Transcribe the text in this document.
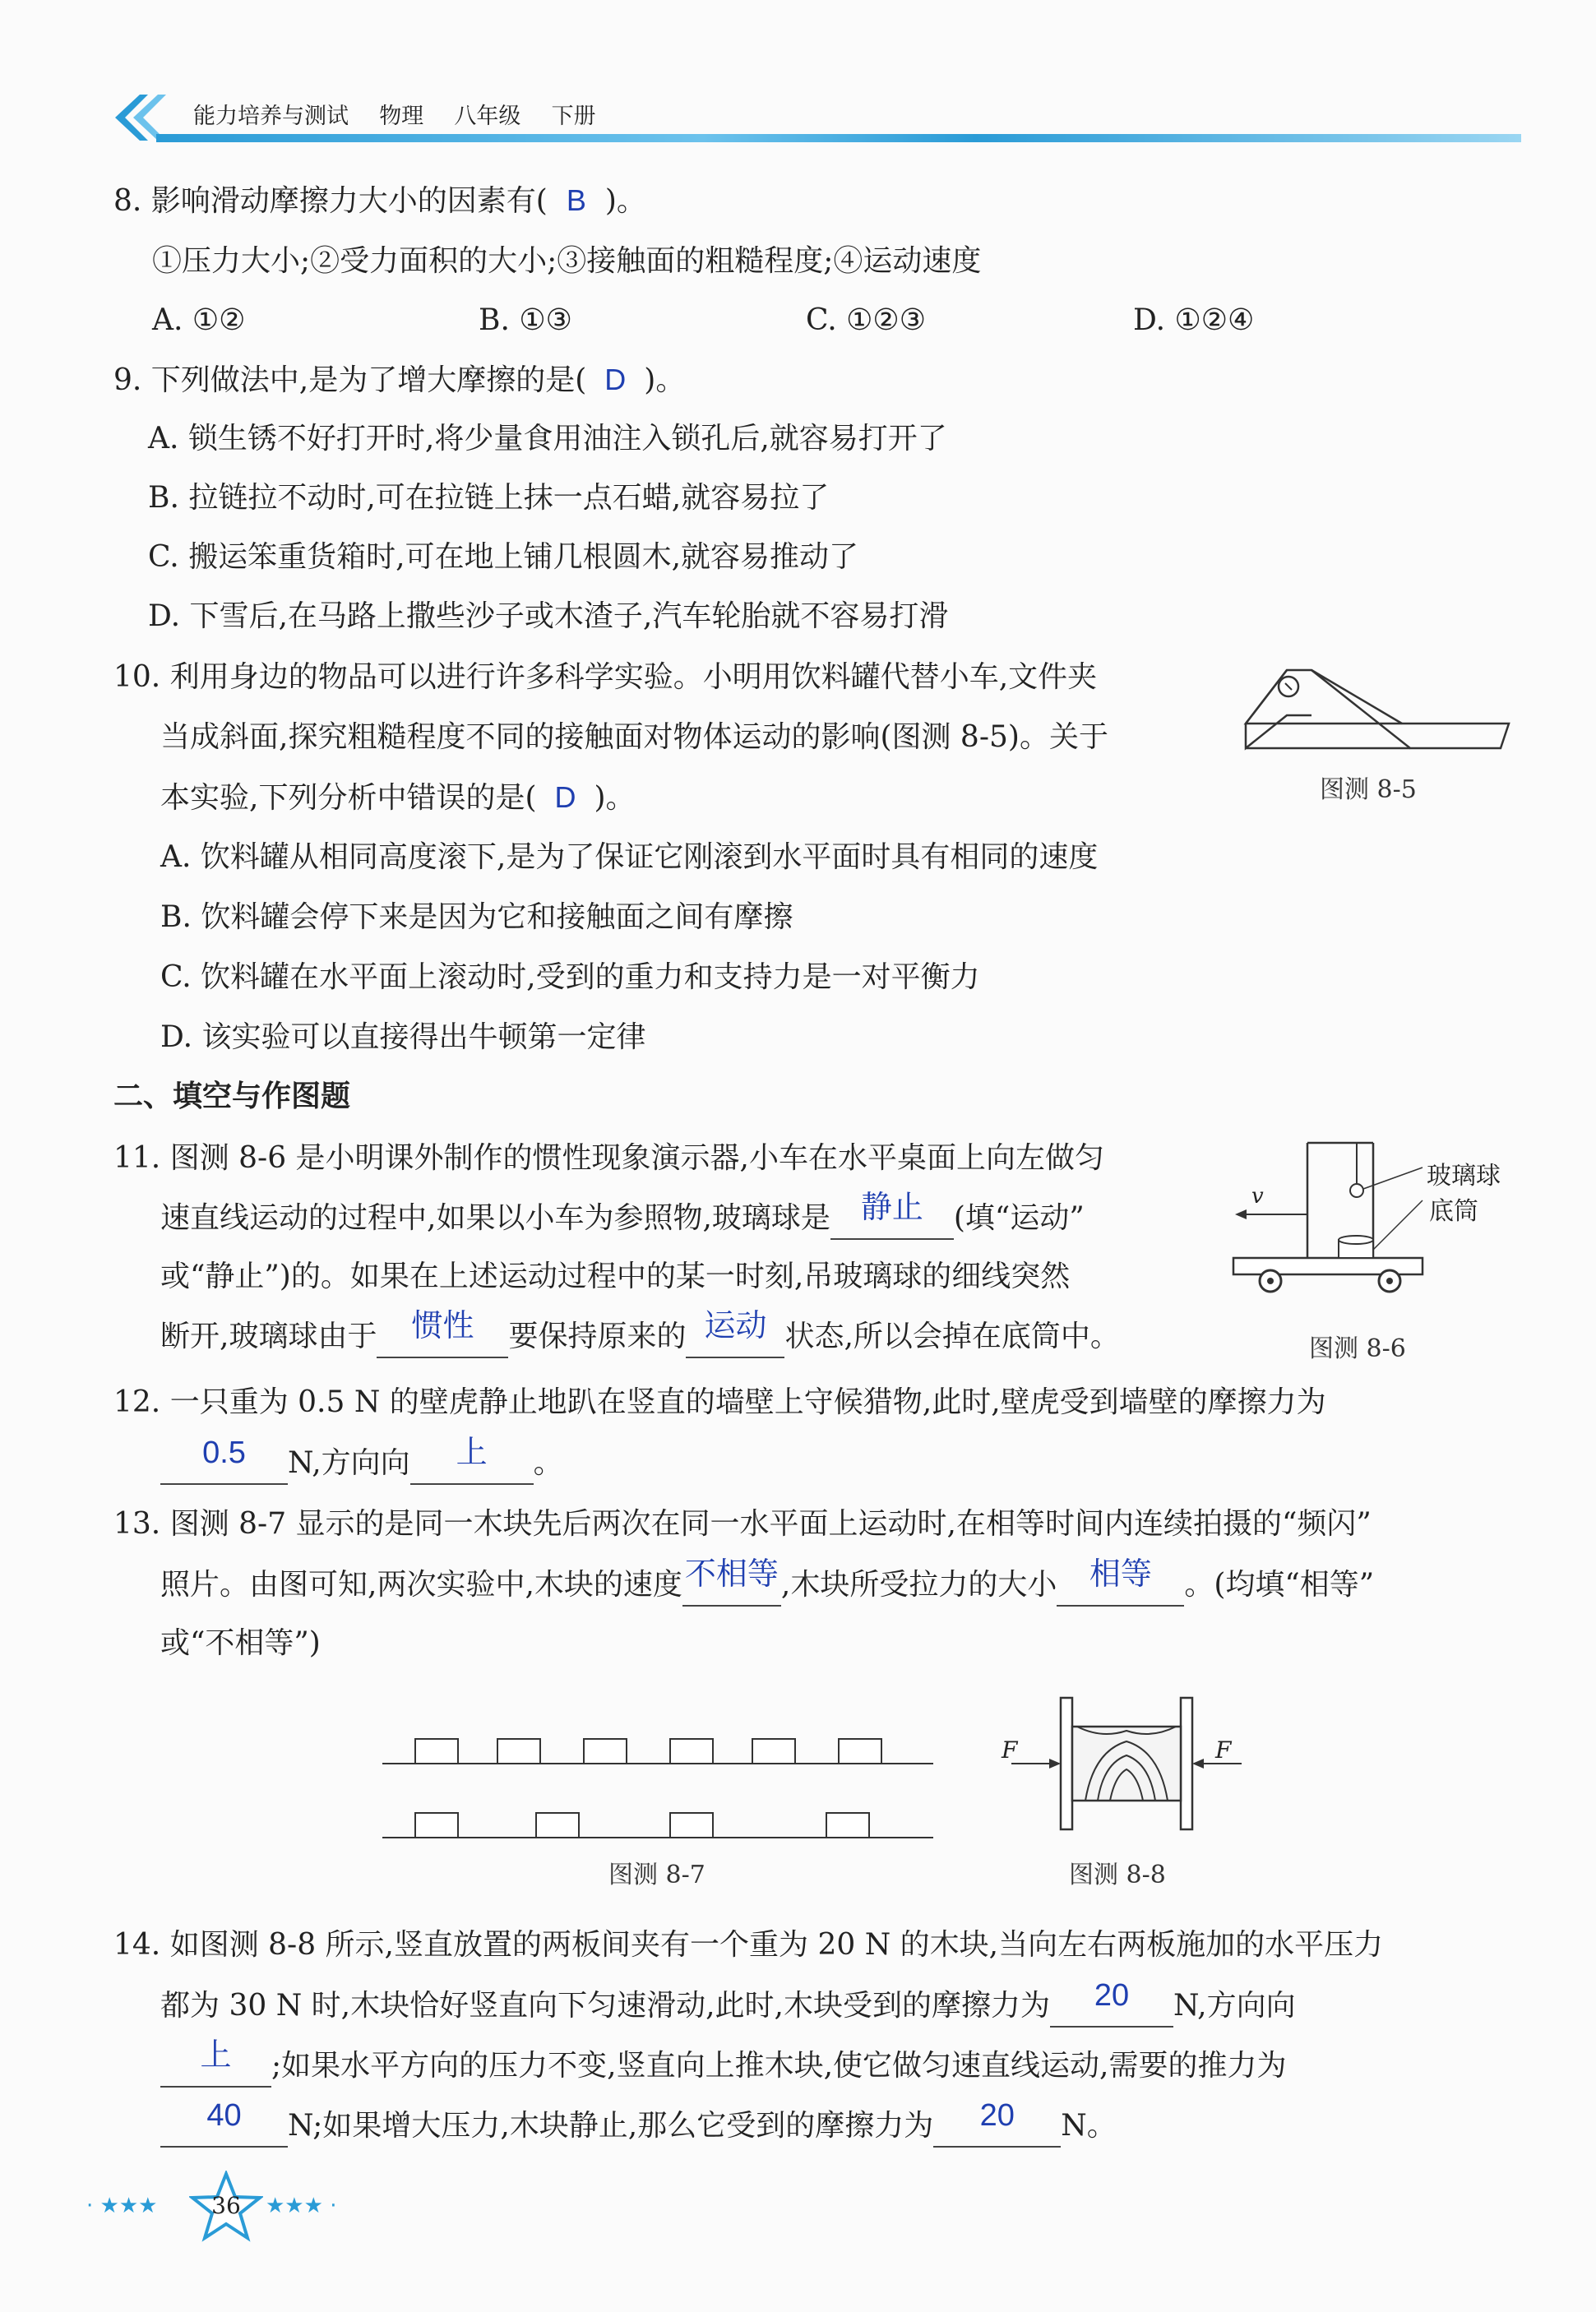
能力培养与测试 物理 八年级 下册
8. 影响滑动摩擦力大小的因素有( B )。
①压力大小;②受力面积的大小;③接触面的粗糙程度;④运动速度
A. ①②	B. ①③	C. ①②③	D. ①②④
9. 下列做法中,是为了增大摩擦的是( D )。
A. 锁生锈不好打开时,将少量食用油注入锁孔后,就容易打开了
B. 拉链拉不动时,可在拉链上抹一点石蜡,就容易拉了
C. 搬运笨重货箱时,可在地上铺几根圆木,就容易推动了
D. 下雪后,在马路上撒些沙子或木渣子,汽车轮胎就不容易打滑
10. 利用身边的物品可以进行许多科学实验。小明用饮料罐代替小车,文件夹
当成斜面,探究粗糙程度不同的接触面对物体运动的影响(图测 8-5)。关于
本实验,下列分析中错误的是( D )。
A. 饮料罐从相同高度滚下,是为了保证它刚滚到水平面时具有相同的速度
B. 饮料罐会停下来是因为它和接触面之间有摩擦
C. 饮料罐在水平面上滚动时,受到的重力和支持力是一对平衡力
D. 该实验可以直接得出牛顿第一定律
图测 8-5
二、填空与作图题
11. 图测 8-6 是小明课外制作的惯性现象演示器,小车在水平桌面上向左做匀
速直线运动的过程中,如果以小车为参照物,玻璃球是 静止 (填“运动”
或“静止”)的。如果在上述运动过程中的某一时刻,吊玻璃球的细线突然
断开,玻璃球由于 惯性 要保持原来的 运动 状态,所以会掉在底筒中。
v
玻璃球
底筒
图测 8-6
12. 一只重为 0.5 N 的壁虎静止地趴在竖直的墙壁上守候猎物,此时,壁虎受到墙壁的摩擦力为
0.5 N,方向向 上 。
13. 图测 8-7 显示的是同一木块先后两次在同一水平面上运动时,在相等时间内连续拍摄的“频闪”
照片。由图可知,两次实验中,木块的速度不相等,木块所受拉力的大小 相等 。(均填“相等”
或“不相等”)
图测 8-7
F	F
图测 8-8
14. 如图测 8-8 所示,竖直放置的两板间夹有一个重为 20 N 的木块,当向左右两板施加的水平压力
都为 30 N 时,木块恰好竖直向下匀速滑动,此时,木块受到的摩擦力为 20 N,方向向
上 ;如果水平方向的压力不变,竖直向上推木块,使它做匀速直线运动,需要的推力为
40 N;如果增大压力,木块静止,那么它受到的摩擦力为 20 N。
· ★★★ 36 ★★★ ·
